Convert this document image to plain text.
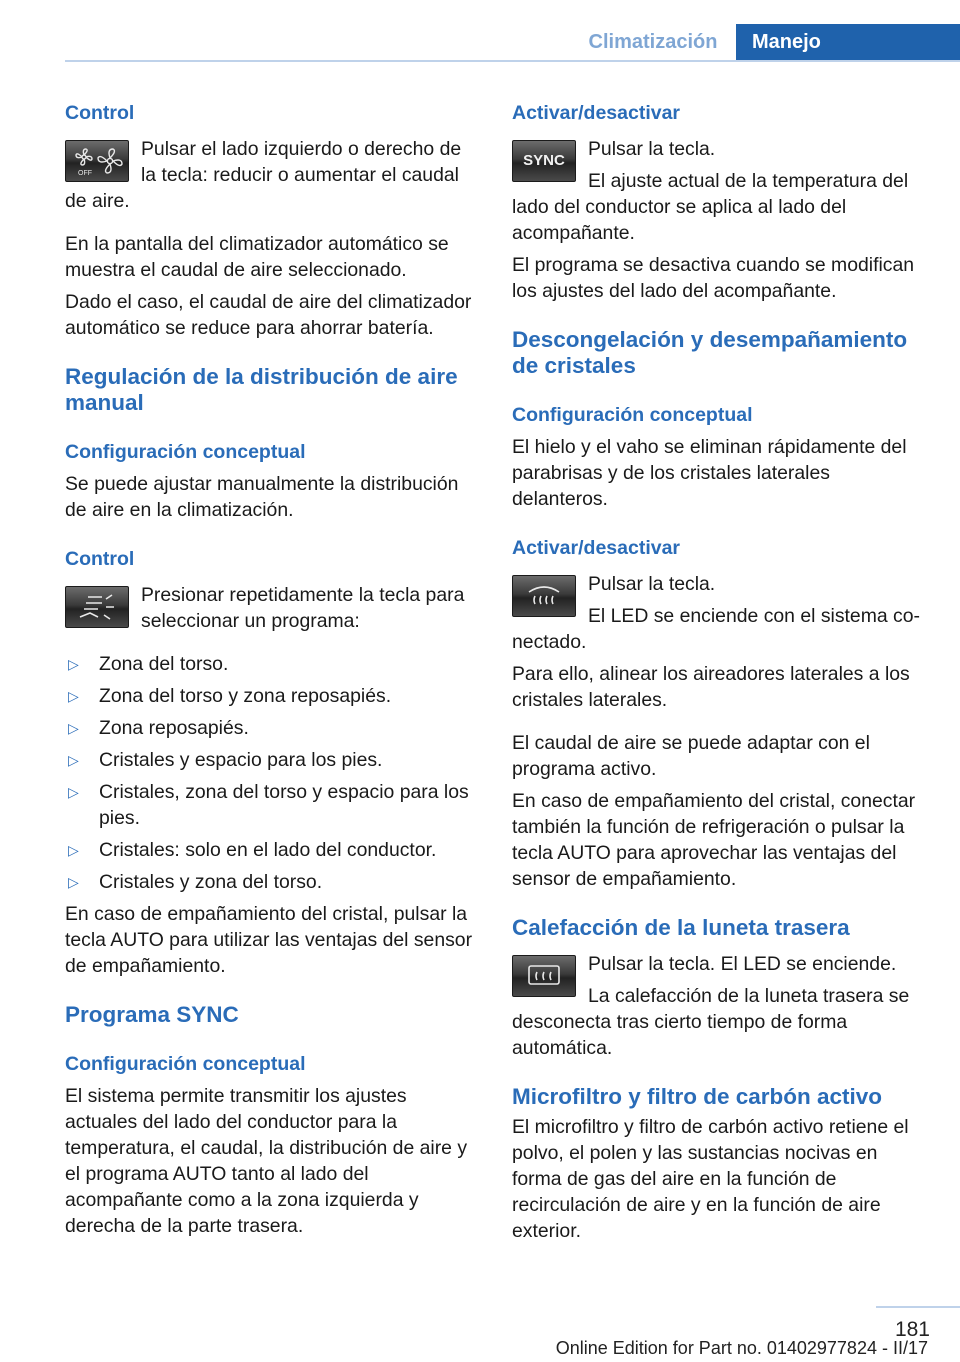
Climatización	Manejo
Control
OFF

Pulsar el lado izquierdo o derecho de

la tecla: reducir o aumentar el caudal

de aire.

En la pantalla del climatizador automático se muestra el caudal de aire seleccionado.

Dado el caso, el caudal de aire del climatizador automático se reduce para ahorrar batería.

Regulación de la distribución de aire manual
Configuración conceptual

Se puede ajustar manualmente la distribución de aire en la climatización.

Control

Presionar repetidamente la tecla para seleccionar un programa:

▷ Zona del torso.
▷ Zona del torso y zona reposapiés.
▷ Zona reposapiés.
▷ Cristales y espacio para los pies.
▷ Cristales, zona del torso y espacio para los pies.
▷ Cristales: solo en el lado del conductor.
▷ Cristales y zona del torso.

En caso de empañamiento del cristal, pulsar la tecla AUTO para utilizar las ventajas del sensor de empañamiento.

Programa SYNC
Configuración conceptual

El sistema permite transmitir los ajustes actuales del lado del conductor para la temperatura, el caudal, la distribución de aire y el programa AUTO tanto al lado del acompañante como a la zona izquierda y derecha de la parte trasera.

Activar/desactivar
SYNC

Pulsar la tecla.

El ajuste actual de la temperatura del

lado del conductor se aplica al lado del acompañante.

El programa se desactiva cuando se modifican los ajustes del lado del acompañante.

Descongelación y desempañamiento de cristales
Configuración conceptual

El hielo y el vaho se eliminan rápidamente del parabrisas y de los cristales laterales delanteros.

Activar/desactivar

Pulsar la tecla.

El LED se enciende con el sistema co-

nectado.

Para ello, alinear los aireadores laterales a los cristales laterales.

El caudal de aire se puede adaptar con el programa activo.

En caso de empañamiento del cristal, conectar también la función de refrigeración o pulsar la tecla AUTO para aprovechar las ventajas del sensor de empañamiento.

Calefacción de la luneta trasera

Pulsar la tecla. El LED se enciende.

La calefacción de la luneta trasera se

desconecta tras cierto tiempo de forma automática.

Microfiltro y filtro de carbón activo

El microfiltro y filtro de carbón activo retiene el polvo, el polen y las sustancias nocivas en forma de gas del aire en la función de recirculación de aire y en la función de aire exterior.

181
Online Edition for Part no. 01402977824 - II/17
